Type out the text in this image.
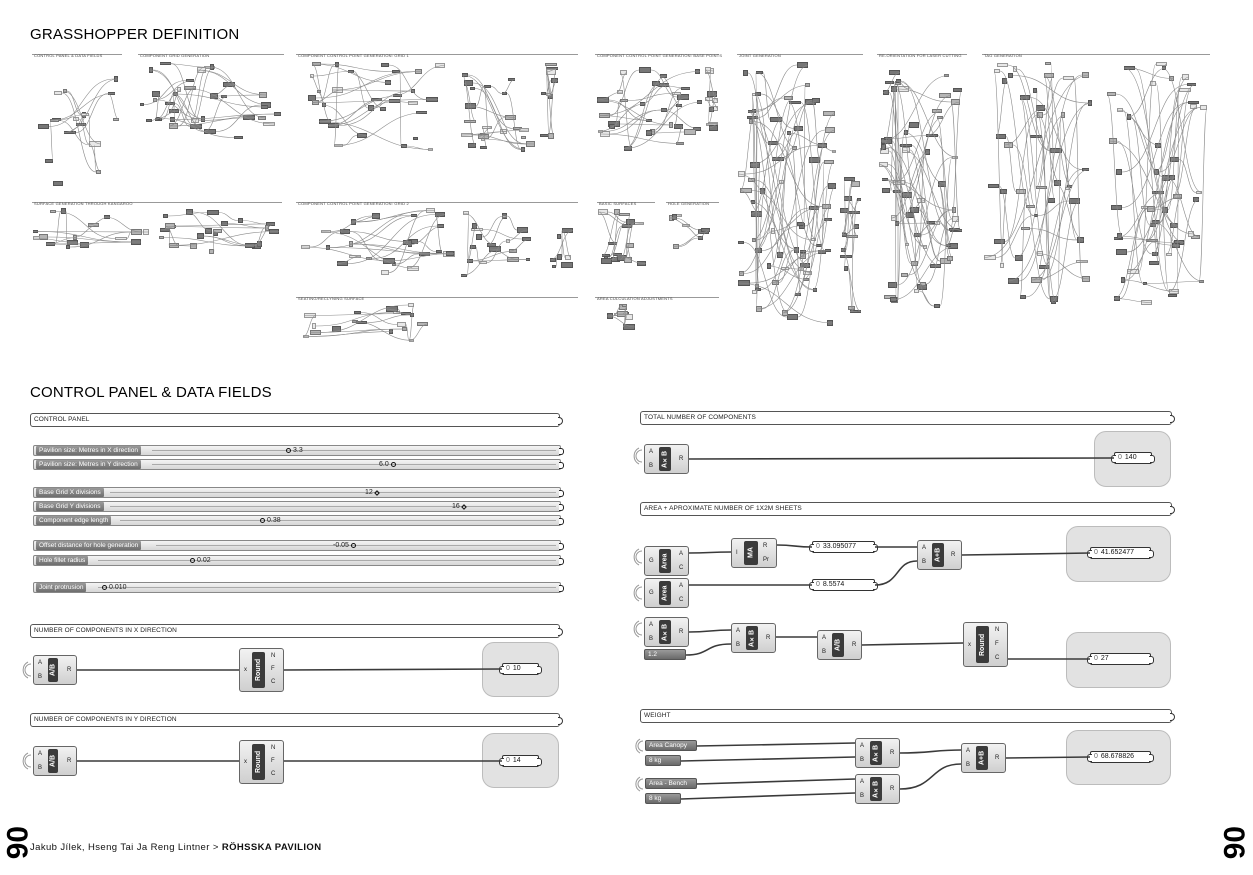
GRASSHOPPER DEFINITION
CONTROL PANEL & DATA FIELDS
CONTROL PANEL & DATA FIELDS	COMPONENT GRID GENERATION	COMPONENT CONTROL POINT GENERATION: GRID 1	COMPONENT CONTROL POINT GENERATION: BASE POINTS	JOINT GENERATION	RE-ORIENTATION FOR LASER CUTTING	TAG GENERATION
SURFACE GENERATION THROUGH KANGAROO	COMPONENT CONTROL POINT GENERATION: GRID 2	BASIC SURFACES	HOLE GENERATION
SEATING/RECLYNING SURFACE	AREA CULCULATION ADJUSTMENTS
CONTROL PANEL
Pavilion size: Metres in X direction	3.3
Pavilion size: Metres in Y direction	6.0
Base Grid X divisions	12
Base Grid Y divisions	16
Component edge length	0.38
Offset distance for hole generation	-0.05
Hole fillet radius	0.02
Joint protrusion	0.010
NUMBER OF COMPONENTS IN X DIRECTION
A
B
A/B R	x	Round
N
F
C
0 10
NUMBER OF COMPONENTS IN Y DIRECTION
A
B
A/B R	x	Round
N
F
C
0 14
TOTAL NUMBER OF COMPONENTS
A
B	A×B	R	0 140
AREA + APROXIMATE NUMBER OF 1X2M SHEETS
G	Area	A
C
G	Area	A
C
I	MA
R
Pr
0 33.095077
0 8.5574
A
B	A+B	R	0 41.652477
A
B	A×B	R
1.2
A
B	A×B	R	A
B
A/B	R	x	Round
N
F
C	0 27
WEIGHT
Area Canopy
8 kg
Area - Bench
8 kg
A
B	A×B	R
A
B	A×B	R
A
B	A+B	R	0 68.678826
Jakub Jílek, Hseng Tai Ja Reng Lintner > RÖHSSKA PAVILION
06	06
